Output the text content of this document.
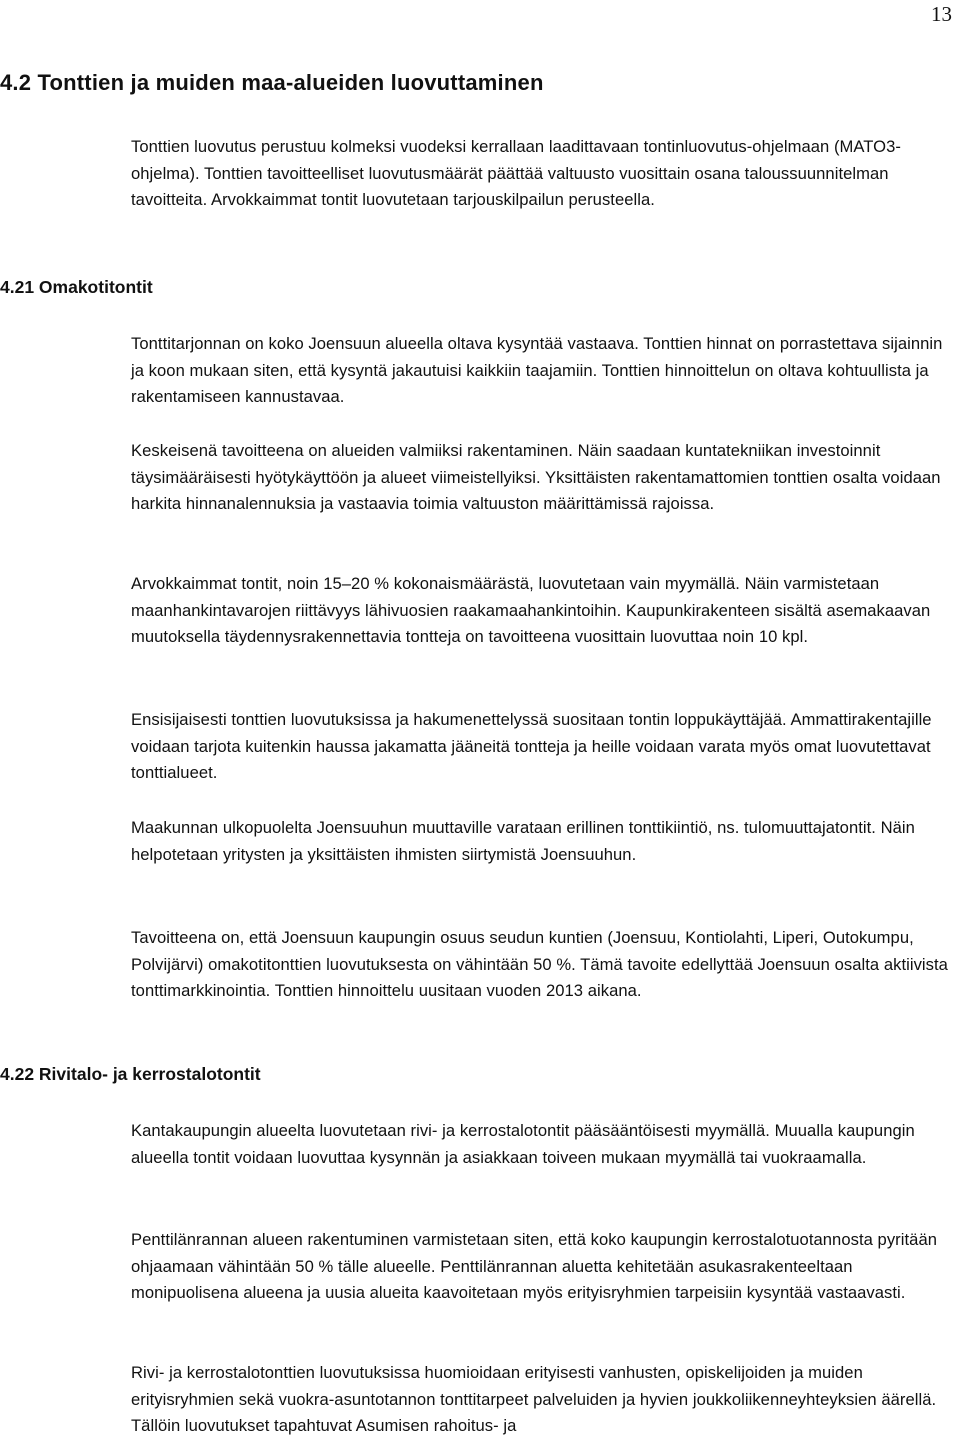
13
4.2 Tonttien ja muiden maa-alueiden luovuttaminen

Tonttien luovutus perustuu kolmeksi vuodeksi kerrallaan laadittavaan tontinluovutus-ohjelmaan (MATO3-ohjelma). Tonttien tavoitteelliset luovutusmäärät päättää valtuusto vuosittain osana taloussuunnitelman tavoitteita. Arvokkaimmat tontit luovutetaan tarjouskilpailun perusteella.

4.21 Omakotitontit

Tonttitarjonnan on koko Joensuun alueella oltava kysyntää vastaava. Tonttien hinnat on porrastettava sijainnin ja koon mukaan siten, että kysyntä jakautuisi kaikkiin taajamiin. Tonttien hinnoittelun on oltava kohtuullista ja rakentamiseen kannustavaa.

Keskeisenä tavoitteena on alueiden valmiiksi rakentaminen. Näin saadaan kuntatekniikan investoinnit täysimääräisesti hyötykäyttöön ja alueet viimeistellyiksi. Yksittäisten rakentamattomien tonttien osalta voidaan harkita hinnanalennuksia ja vastaavia toimia valtuuston määrittämissä rajoissa.

Arvokkaimmat tontit, noin 15–20 % kokonaismäärästä, luovutetaan vain myymällä. Näin varmistetaan maanhankintavarojen riittävyys lähivuosien raakamaahankintoihin. Kaupunkirakenteen sisältä asemakaavan muutoksella täydennysrakennettavia tontteja on tavoitteena vuosittain luovuttaa noin 10 kpl.

Ensisijaisesti tonttien luovutuksissa ja hakumenettelyssä suositaan tontin loppukäyttäjää. Ammattirakentajille voidaan tarjota kuitenkin haussa jakamatta jääneitä tontteja ja heille voidaan varata myös omat luovutettavat tonttialueet.

Maakunnan ulkopuolelta Joensuuhun muuttaville varataan erillinen tonttikiintiö, ns. tulomuuttajatontit. Näin helpotetaan yritysten ja yksittäisten ihmisten siirtymistä Joensuuhun.

Tavoitteena on, että Joensuun kaupungin osuus seudun kuntien (Joensuu, Kontiolahti, Liperi, Outokumpu, Polvijärvi) omakotitonttien luovutuksesta on vähintään 50 %. Tämä tavoite edellyttää Joensuun osalta aktiivista tonttimarkkinointia. Tonttien hinnoittelu uusitaan vuoden 2013 aikana.

4.22 Rivitalo- ja kerrostalotontit

Kantakaupungin alueelta luovutetaan rivi- ja kerrostalotontit pääsääntöisesti myymällä. Muualla kaupungin alueella tontit voidaan luovuttaa kysynnän ja asiakkaan toiveen mukaan myymällä tai vuokraamalla.

Penttilänrannan alueen rakentuminen varmistetaan siten, että koko kaupungin kerrostalotuotannosta pyritään ohjaamaan vähintään 50 % tälle alueelle. Penttilänrannan aluetta kehitetään asukasrakenteeltaan monipuolisena alueena ja uusia alueita kaavoitetaan myös erityisryhmien tarpeisiin kysyntää vastaavasti.

Rivi- ja kerrostalotonttien luovutuksissa huomioidaan erityisesti vanhusten, opiskelijoiden ja muiden erityisryhmien sekä vuokra-asuntotannon tonttitarpeet palveluiden ja hyvien joukkoliikenneyhteyksien äärellä. Tällöin luovutukset tapahtuvat Asumisen rahoitus- ja
